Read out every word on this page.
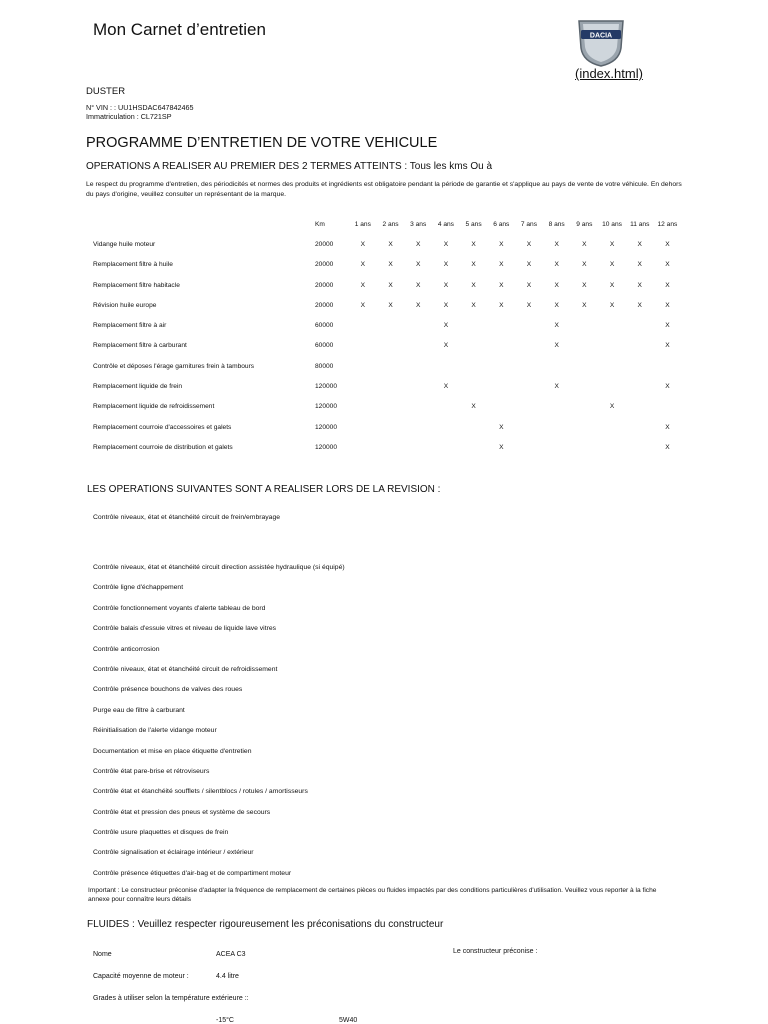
Mon Carnet d’entretien	DACIA
(index.html)
DUSTER
N° VIN : : UU1HSDAC647842465
Immatriculation : CL721SP
PROGRAMME D’ENTRETIEN DE VOTRE VEHICULE
OPERATIONS A REALISER AU PREMIER DES 2 TERMES ATTEINTS : Tous les kms Ou à
Le respect du programme d'entretien, des périodicités et normes des produits et ingrédients est obligatoire pendant la période de garantie et s'applique au pays de vente de votre véhicule. En dehors du pays d'origine, veuillez consulter un représentant de la marque.
	Km	1 ans	2 ans	3 ans	4 ans	5 ans	6 ans	7 ans	8 ans	9 ans	10 ans	11 ans	12 ans
Vidange huile moteur	20000	X	X	X	X	X	X	X	X	X	X	X	X
Remplacement filtre à huile	20000	X	X	X	X	X	X	X	X	X	X	X	X
Remplacement filtre habitacle	20000	X	X	X	X	X	X	X	X	X	X	X	X
Révision huile europe	20000	X	X	X	X	X	X	X	X	X	X	X	X
Remplacement filtre à air	60000				X				X				X
Remplacement filtre à carburant	60000				X				X				X
Contrôle et déposes l'érage garnitures frein à tambours	80000												
Remplacement liquide de frein	120000				X				X				X
Remplacement liquide de refroidissement	120000					X					X		
Remplacement courroie d'accessoires et galets	120000						X						X
Remplacement courroie de distribution et galets	120000						X						X
LES OPERATIONS SUIVANTES SONT A REALISER LORS DE LA REVISION :
Contrôle niveaux, état et étanchéité circuit de frein/embrayage
Contrôle niveaux, état et étanchéité circuit direction assistée hydraulique (si équipé)
Contrôle ligne d'échappement
Contrôle fonctionnement voyants d'alerte tableau de bord
Contrôle balais d'essuie vitres et niveau de liquide lave vitres
Contrôle anticorrosion
Contrôle niveaux, état et étanchéité circuit de refroidissement
Contrôle présence bouchons de valves des roues
Purge eau de filtre à carburant
Réinitialisation de l'alerte vidange moteur
Documentation et mise en place étiquette d'entretien
Contrôle état pare-brise et rétroviseurs
Contrôle état et étanchéité soufflets / silentblocs / rotules / amortisseurs
Contrôle état et pression des pneus et système de secours
Contrôle usure plaquettes et disques de frein
Contrôle signalisation et éclairage intérieur / extérieur
Contrôle présence étiquettes d'air-bag et de compartiment moteur
Important : Le constructeur préconise d'adapter la fréquence de remplacement de certaines pièces ou fluides impactés par des conditions particulières d'utilisation. Veuillez vous reporter à la fiche annexe pour connaître leurs détails
FLUIDES : Veuillez respecter rigoureusement les préconisations du constructeur
Nome	ACEA C3	Le constructeur préconise :
Capacité moyenne de moteur :	4.4 litre
Grades à utiliser selon la température extérieure ::
-15°C	5W40
